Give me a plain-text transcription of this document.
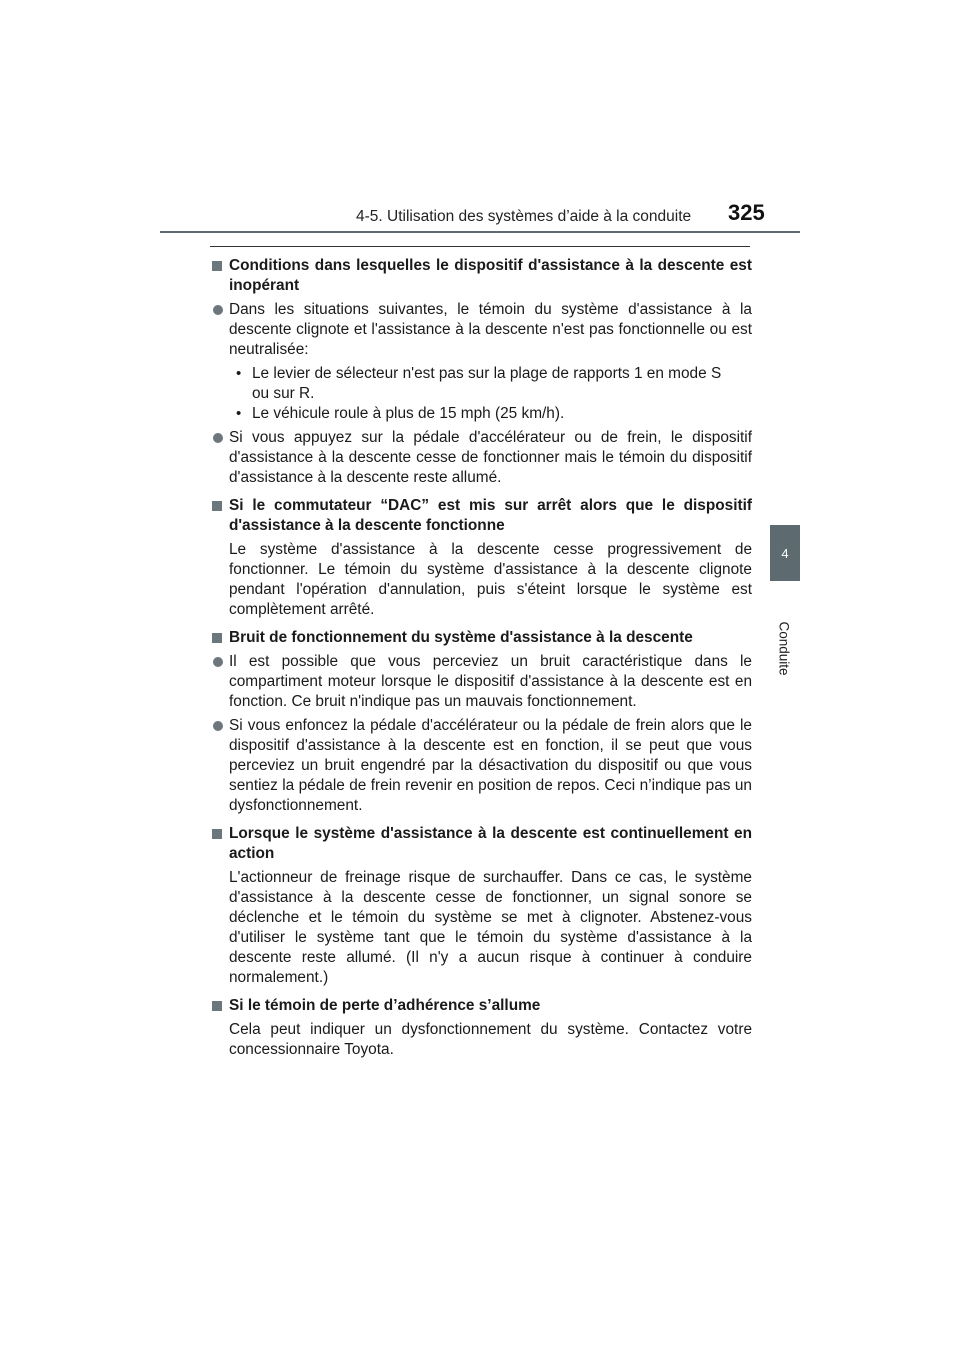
4-5. Utilisation des systèmes d’aide à la conduite 325
4
Conduite
Conditions dans lesquelles le dispositif d'assistance à la descente est inopérant
Dans les situations suivantes, le témoin du système d'assistance à la descente clignote et l'assistance à la descente n'est pas fonctionnelle ou est neutralisée:
• Le levier de sélecteur n'est pas sur la plage de rapports 1 en mode S ou sur R.
• Le véhicule roule à plus de 15 mph (25 km/h).
Si vous appuyez sur la pédale d'accélérateur ou de frein, le dispositif d'assistance à la descente cesse de fonctionner mais le témoin du dispositif d'assistance à la descente reste allumé.
Si le commutateur “DAC” est mis sur arrêt alors que le dispositif d'assistance à la descente fonctionne
Le système d'assistance à la descente cesse progressivement de fonctionner. Le témoin du système d'assistance à la descente clignote pendant l'opération d'annulation, puis s'éteint lorsque le système est complètement arrêté.
Bruit de fonctionnement du système d'assistance à la descente
Il est possible que vous perceviez un bruit caractéristique dans le compartiment moteur lorsque le dispositif d'assistance à la descente est en fonction. Ce bruit n'indique pas un mauvais fonctionnement.
Si vous enfoncez la pédale d'accélérateur ou la pédale de frein alors que le dispositif d'assistance à la descente est en fonction, il se peut que vous perceviez un bruit engendré par la désactivation du dispositif ou que vous sentiez la pédale de frein revenir en position de repos. Ceci n’indique pas un dysfonctionnement.
Lorsque le système d'assistance à la descente est continuellement en action
L'actionneur de freinage risque de surchauffer. Dans ce cas, le système d'assistance à la descente cesse de fonctionner, un signal sonore se déclenche et le témoin du système se met à clignoter. Abstenez-vous d'utiliser le système tant que le témoin du système d'assistance à la descente reste allumé. (Il n'y a aucun risque à continuer à conduire normalement.)
Si le témoin de perte d’adhérence s’allume
Cela peut indiquer un dysfonctionnement du système. Contactez votre concessionnaire Toyota.
